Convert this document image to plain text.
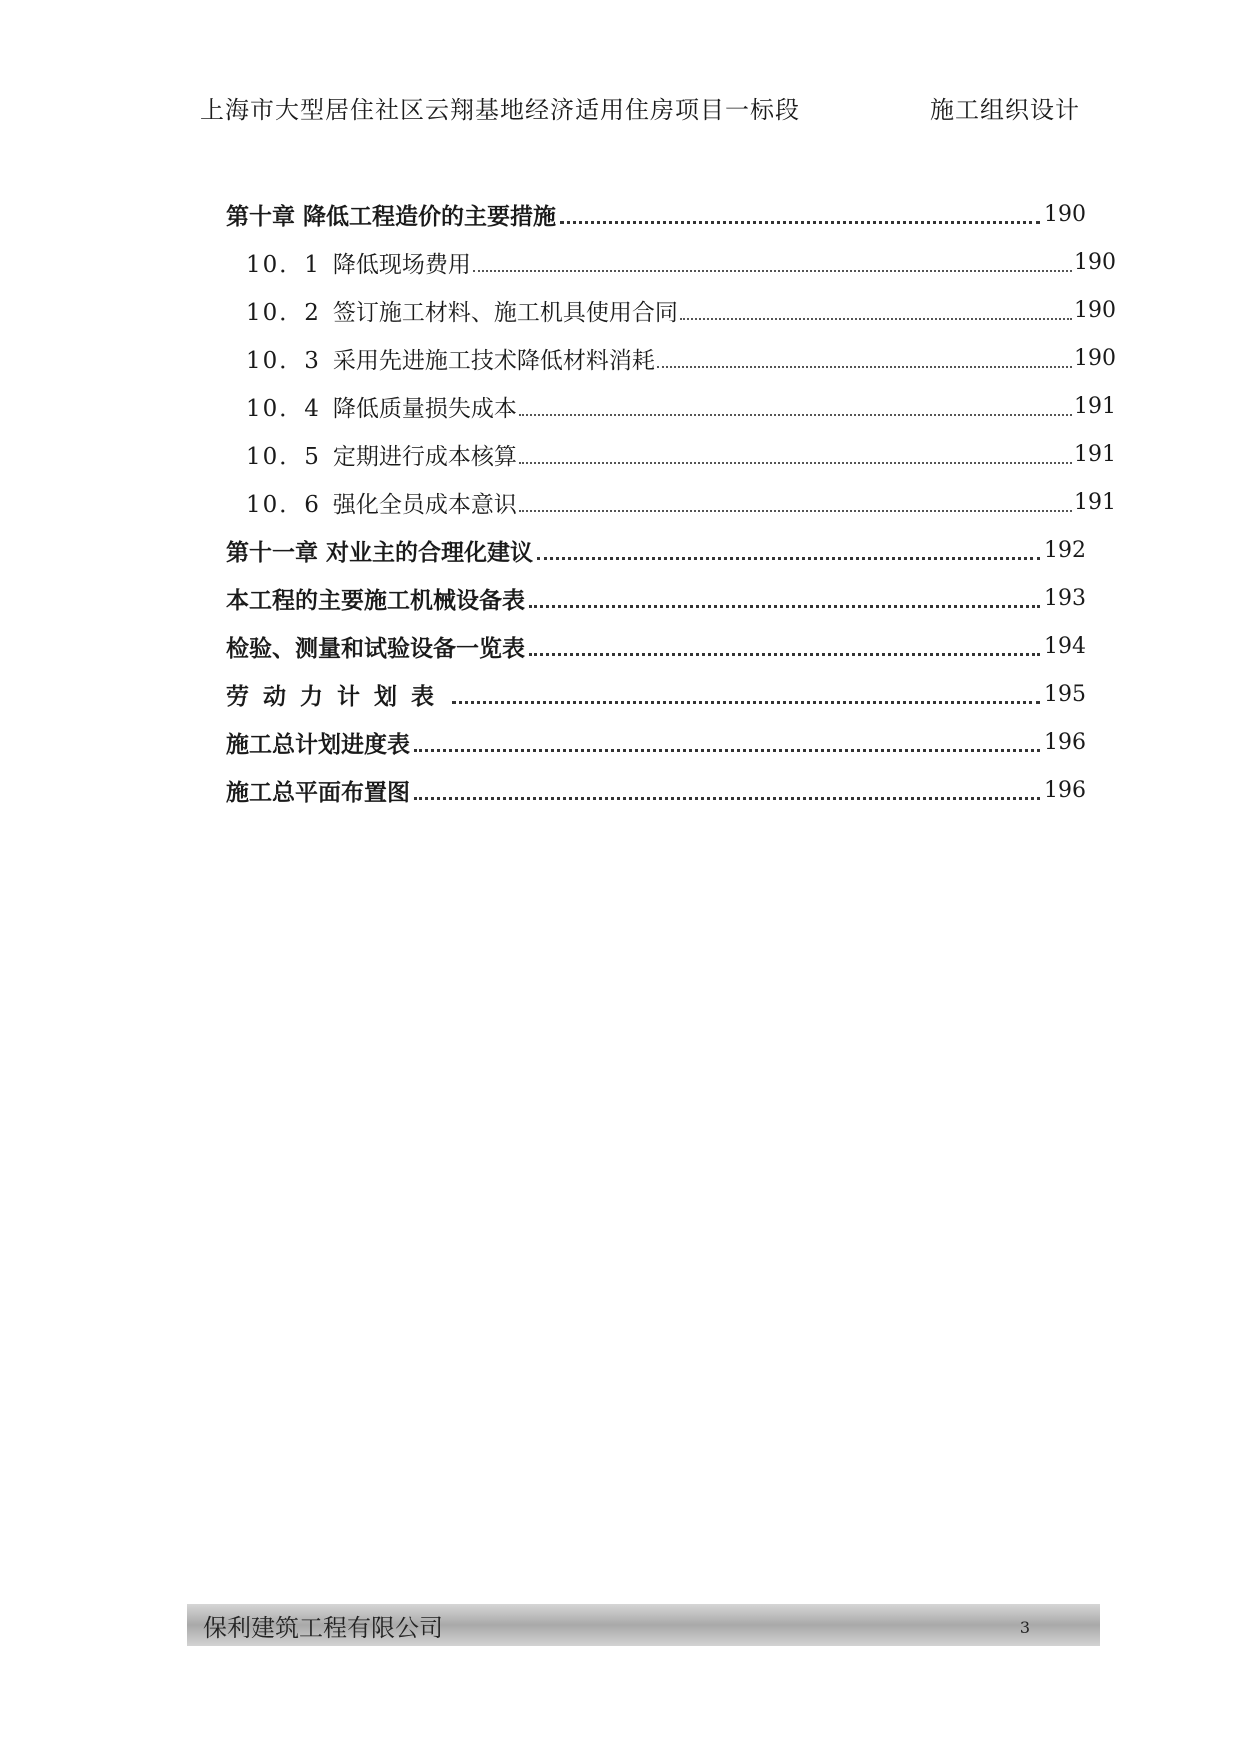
上海市大型居住社区云翔基地经济适用住房项目一标段	施工组织设计
第十章 降低工程造价的主要措施	190
10．1 降低现场费用	190
10．2 签订施工材料、施工机具使用合同	190
10．3 采用先进施工技术降低材料消耗	190
10．4 降低质量损失成本	191
10．5 定期进行成本核算	191
10．6 强化全员成本意识	191
第十一章 对业主的合理化建议	192
本工程的主要施工机械设备表	193
检验、测量和试验设备一览表	194
劳动力计划表	195
施工总计划进度表	196
施工总平面布置图	196
保利建筑工程有限公司	3
